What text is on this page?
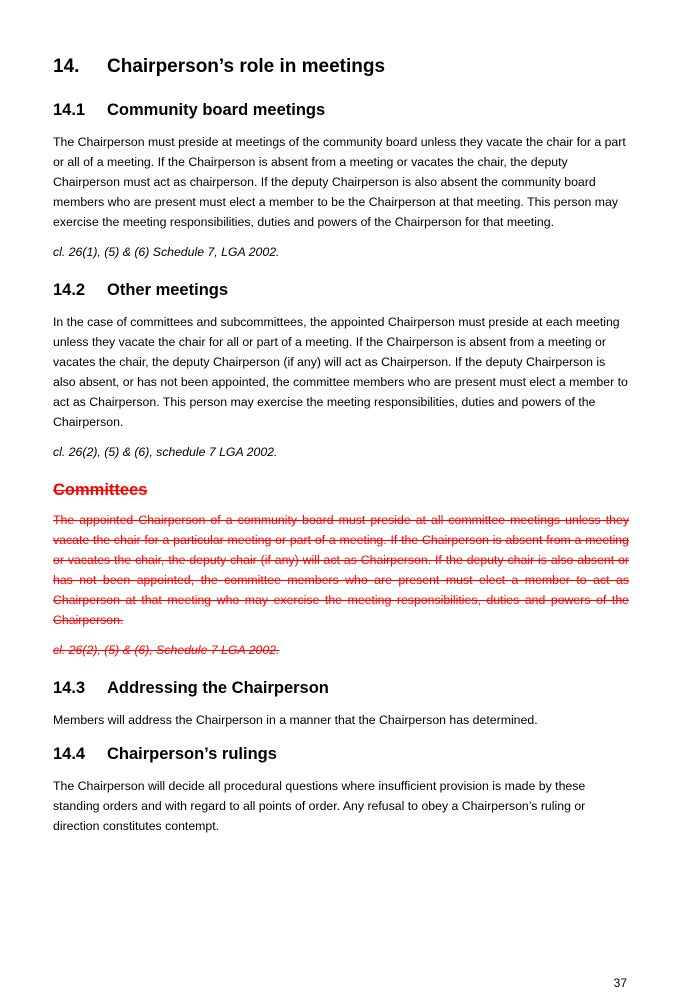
14.	Chairperson’s role in meetings
14.1	Community board meetings

The Chairperson must preside at meetings of the community board unless they vacate the chair for a part or all of a meeting. If the Chairperson is absent from a meeting or vacates the chair, the deputy Chairperson must act as chairperson. If the deputy Chairperson is also absent the community board members who are present must elect a member to be the Chairperson at that meeting. This person may exercise the meeting responsibilities, duties and powers of the Chairperson for that meeting.

cl. 26(1), (5) & (6) Schedule 7, LGA 2002.

14.2	Other meetings

In the case of committees and subcommittees, the appointed Chairperson must preside at each meeting unless they vacate the chair for all or part of a meeting. If the Chairperson is absent from a meeting or vacates the chair, the deputy Chairperson (if any) will act as Chairperson. If the deputy Chairperson is also absent, or has not been appointed, the committee members who are present must elect a member to act as Chairperson. This person may exercise the meeting responsibilities, duties and powers of the Chairperson.

cl. 26(2), (5) & (6), schedule 7 LGA 2002.

Committees

The appointed Chairperson of a community board must preside at all committee meetings unless they vacate the chair for a particular meeting or part of a meeting. If the Chairperson is absent from a meeting or vacates the chair, the deputy chair (if any) will act as Chairperson. If the deputy chair is also absent or has not been appointed, the committee members who are present must elect a member to act as Chairperson at that meeting who may exercise the meeting responsibilities, duties and powers of the Chairperson.

cl. 26(2), (5) & (6), Schedule 7 LGA 2002.

14.3	Addressing the Chairperson

Members will address the Chairperson in a manner that the Chairperson has determined.

14.4	Chairperson’s rulings

The Chairperson will decide all procedural questions where insufficient provision is made by these standing orders and with regard to all points of order. Any refusal to obey a Chairperson’s ruling or direction constitutes contempt.

37
